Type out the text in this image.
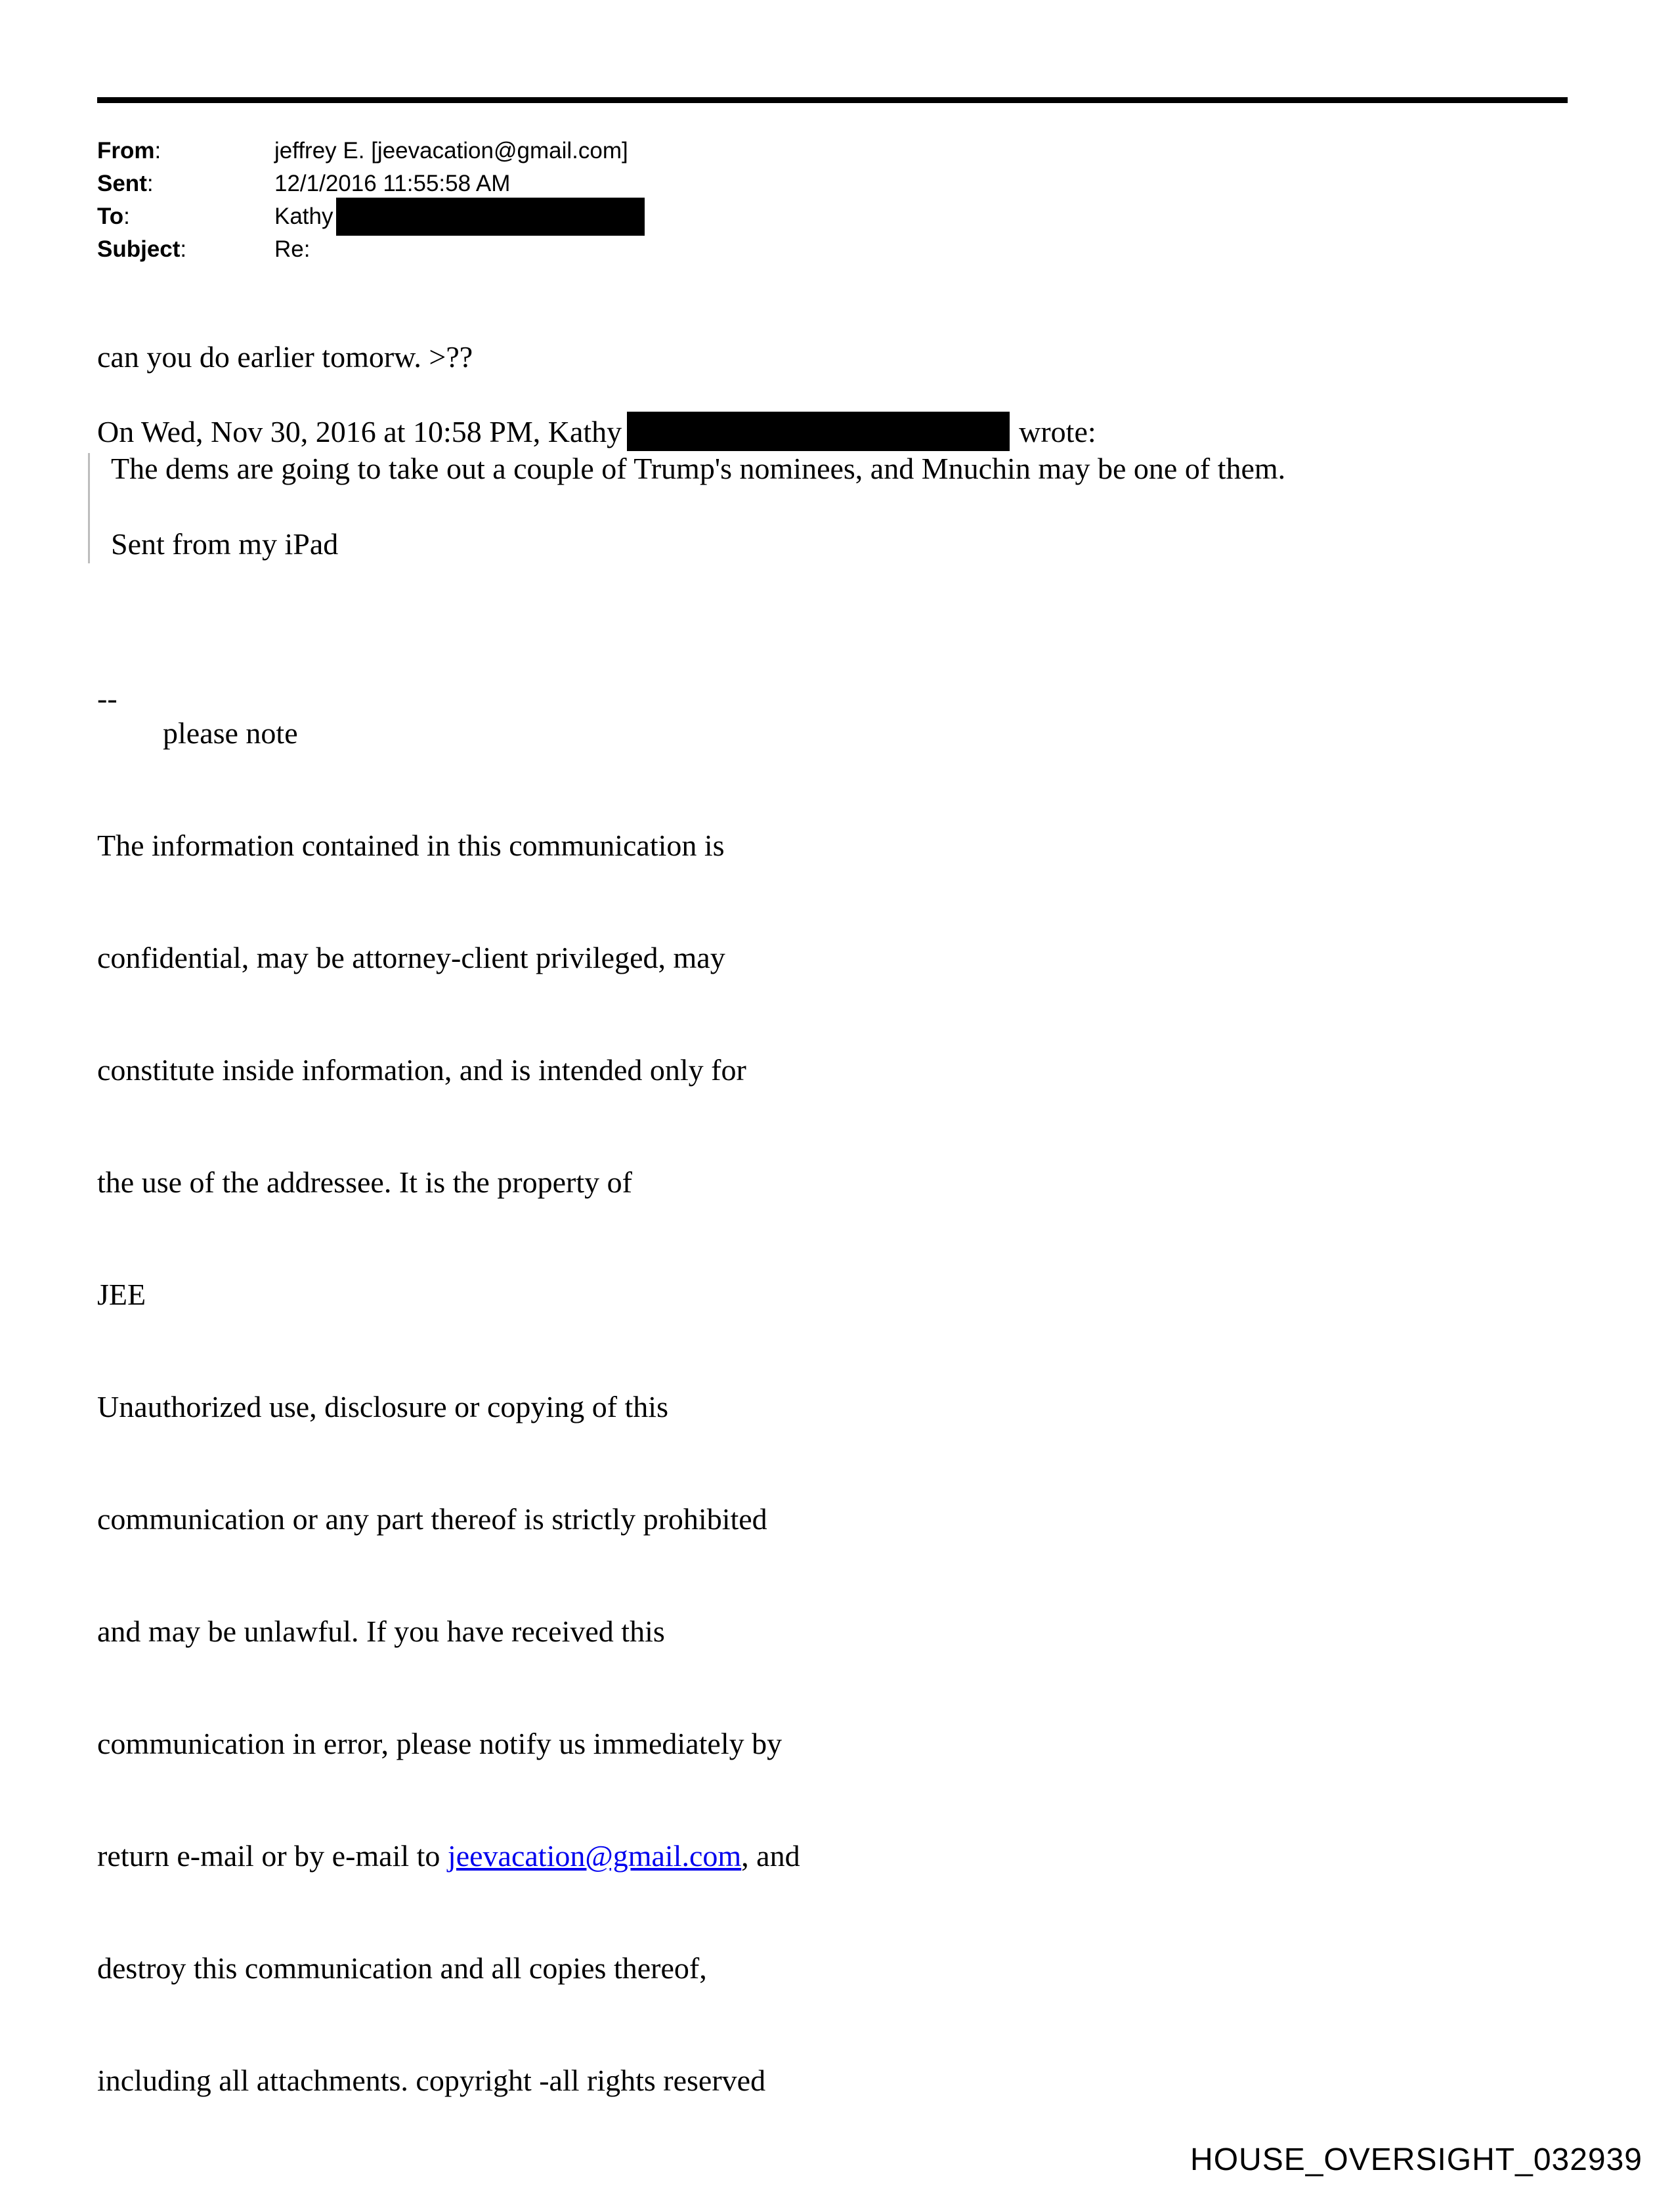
From:	jeffrey E. [jeevacation@gmail.com]
Sent:	12/1/2016 11:55:58 AM
To:	Kathy
Subject:	Re:
can you do earlier tomorw. >??
On Wed, Nov 30, 2016 at 10:58 PM, Kathy	wrote:
The dems are going to take out a couple of Trump's nominees, and Mnuchin may be one of them.
Sent from my iPad
--
please note

The information contained in this communication is

confidential, may be attorney-client privileged, may

constitute inside information, and is intended only for

the use of the addressee. It is the property of

JEE

Unauthorized use, disclosure or copying of this

communication or any part thereof is strictly prohibited

and may be unlawful. If you have received this

communication in error, please notify us immediately by

return e-mail or by e-mail to jeevacation@gmail.com, and

destroy this communication and all copies thereof,

including all attachments. copyright -all rights reserved

HOUSE_OVERSIGHT_032939
